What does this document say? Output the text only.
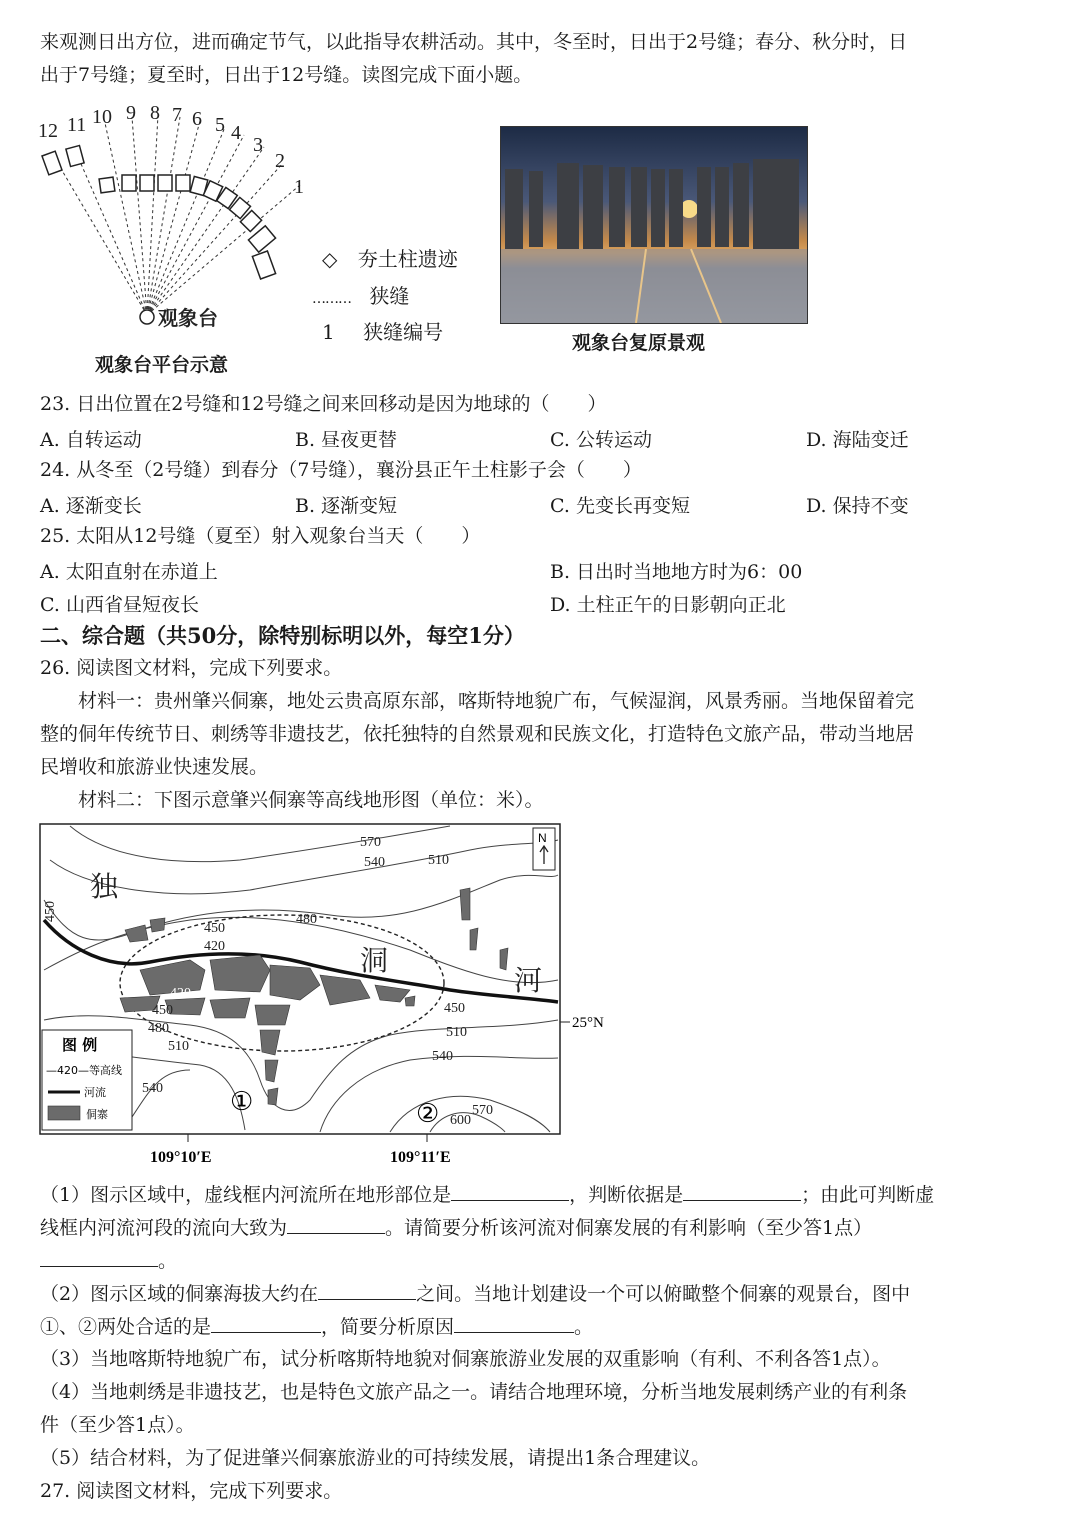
来观测日出方位，进而确定节气，以此指导农耕活动。其中，冬至时，日出于2号缝；春分、秋分时，日
出于7号缝；夏至时，日出于12号缝。读图完成下面小题。
12 11 10 9 8 7 6 5 4
3
2
1
观象台
观象台平台示意
◇ 夯土柱遗迹
……… 狭缝
1 狭缝编号	观象台复原景观
23. 日出位置在2号缝和12号缝之间来回移动是因为地球的（　　）
A. 自转运动	B. 昼夜更替	C. 公转运动	D. 海陆变迁
24. 从冬至（2号缝）到春分（7号缝），襄汾县正午土柱影子会（　　）
A. 逐渐变长	B. 逐渐变短	C. 先变长再变短	D. 保持不变
25. 太阳从12号缝（夏至）射入观象台当天（　　）
A. 太阳直射在赤道上	B. 日出时当地地方时为6：00
C. 山西省昼短夜长	D. 土柱正午的日影朝向正北
二、综合题（共50分，除特别标明以外，每空1分）
26. 阅读图文材料，完成下列要求。
　　材料一：贵州肇兴侗寨，地处云贵高原东部，喀斯特地貌广布，气候湿润，风景秀丽。当地保留着完
整的侗年传统节日、刺绣等非遗技艺，依托独特的自然景观和民族文化，打造特色文旅产品，带动当地居
民增收和旅游业快速发展。
　　材料二：下图示意肇兴侗寨等高线地形图（单位：米）。
570
540	510
450	480
450
420
420
450
480
510
540
510
450
540
600
570
独
洞
河
N
25°N
109°10′E	109°11′E
①	②
图 例
—420—等高线
河流
侗寨
（1）图示区域中，虚线框内河流所在地形部位是	，判断依据是	；由此可判断虚
线框内河流河段的流向大致为	。请简要分析该河流对侗寨发展的有利影响（至少答1点）
。
（2）图示区域的侗寨海拔大约在	之间。当地计划建设一个可以俯瞰整个侗寨的观景台，图中
①、②两处合适的是	，简要分析原因	。
（3）当地喀斯特地貌广布，试分析喀斯特地貌对侗寨旅游业发展的双重影响（有利、不利各答1点）。
（4）当地刺绣是非遗技艺，也是特色文旅产品之一。请结合地理环境，分析当地发展刺绣产业的有利条
件（至少答1点）。
（5）结合材料，为了促进肇兴侗寨旅游业的可持续发展，请提出1条合理建议。
27. 阅读图文材料，完成下列要求。
